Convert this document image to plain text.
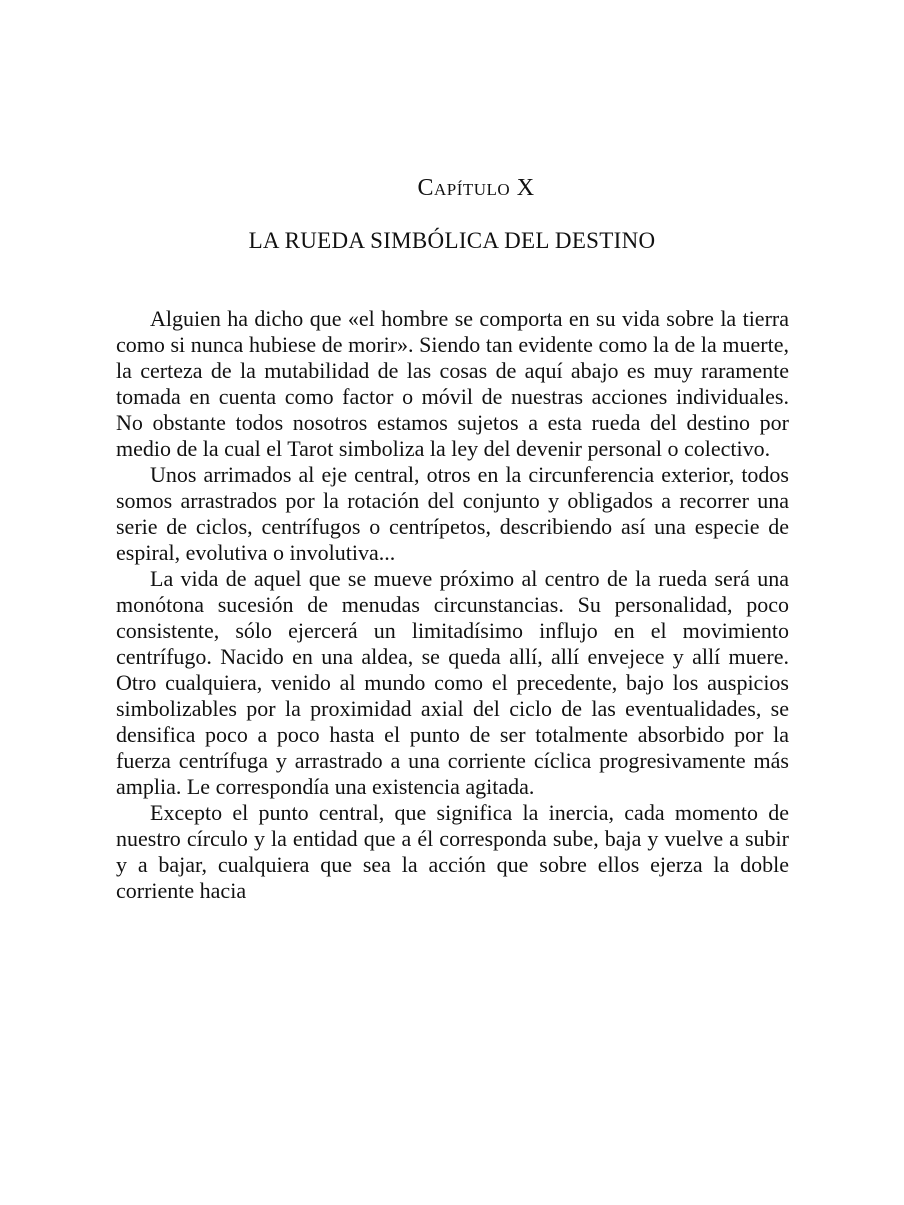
Capítulo X
LA RUEDA SIMBÓLICA DEL DESTINO

Alguien ha dicho que «el hombre se comporta en su vida sobre la tierra como si nunca hubiese de morir». Siendo tan evidente como la de la muerte, la certeza de la mutabilidad de las cosas de aquí abajo es muy raramente tomada en cuenta como factor o móvil de nuestras acciones individuales. No obstante todos nosotros estamos sujetos a esta rueda del destino por medio de la cual el Tarot simboliza la ley del devenir personal o colectivo.

Unos arrimados al eje central, otros en la circunferencia exterior, todos somos arrastrados por la rotación del conjunto y obligados a recorrer una serie de ciclos, centrífugos o centrípetos, describiendo así una especie de espiral, evolutiva o involutiva...

La vida de aquel que se mueve próximo al centro de la rueda será una monótona sucesión de menudas circunstancias. Su personalidad, poco consistente, sólo ejercerá un limitadísimo influjo en el movimiento centrífugo. Nacido en una aldea, se queda allí, allí envejece y allí muere. Otro cualquiera, venido al mundo como el precedente, bajo los auspicios simbolizables por la proximidad axial del ciclo de las eventualidades, se densifica poco a poco hasta el punto de ser totalmente absorbido por la fuerza centrífuga y arrastrado a una corriente cíclica progresivamente más amplia. Le correspondía una existencia agitada.

Excepto el punto central, que significa la inercia, cada momento de nuestro círculo y la entidad que a él corresponda sube, baja y vuelve a subir y a bajar, cualquiera que sea la acción que sobre ellos ejerza la doble corriente hacia
